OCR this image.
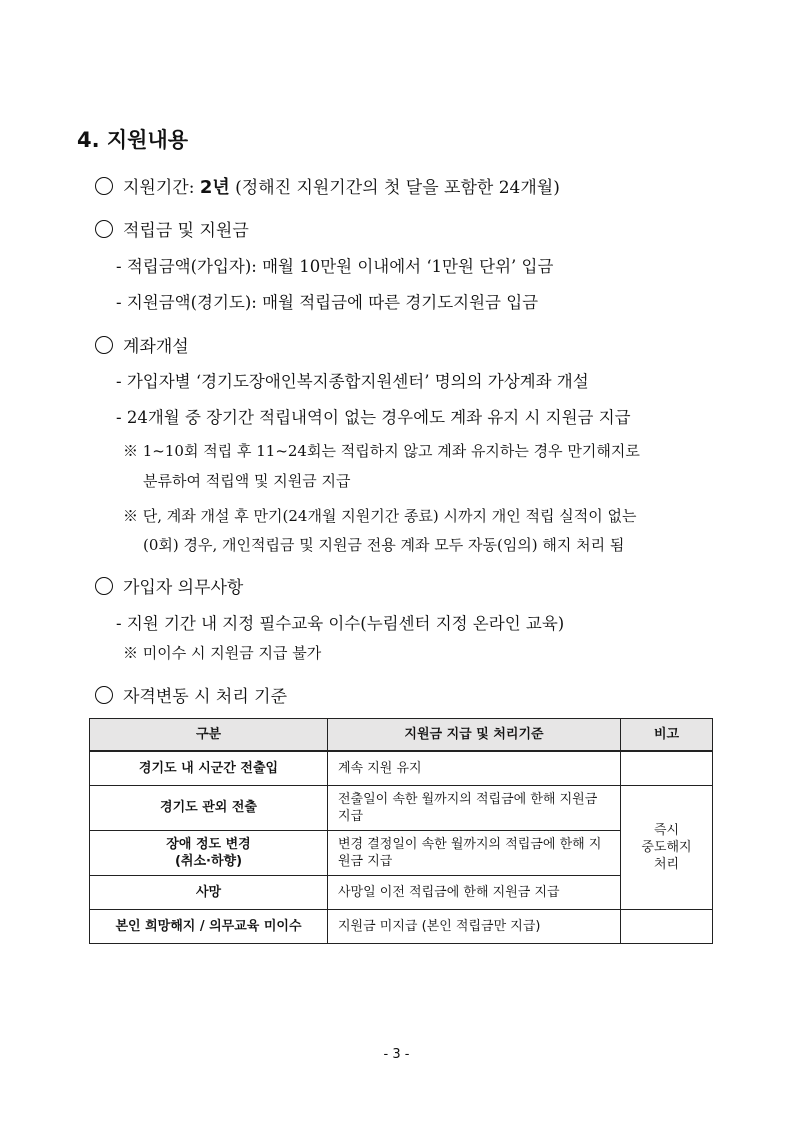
4. 지원내용
지원기간: 2년 (정해진 지원기간의 첫 달을 포함한 24개월)
적립금 및 지원금
- 적립금액(가입자): 매월 10만원 이내에서 ‘1만원 단위’ 입금
- 지원금액(경기도): 매월 적립금에 따른 경기도지원금 입금
계좌개설
- 가입자별 ‘경기도장애인복지종합지원센터’ 명의의 가상계좌 개설
- 24개월 중 장기간 적립내역이 없는 경우에도 계좌 유지 시 지원금 지급
※ 1~10회 적립 후 11~24회는 적립하지 않고 계좌 유지하는 경우 만기해지로
분류하여 적립액 및 지원금 지급
※ 단, 계좌 개설 후 만기(24개월 지원기간 종료) 시까지 개인 적립 실적이 없는
(0회) 경우, 개인적립금 및 지원금 전용 계좌 모두 자동(임의) 해지 처리 됨
가입자 의무사항
- 지원 기간 내 지정 필수교육 이수(누림센터 지정 온라인 교육)
※ 미이수 시 지원금 지급 불가
자격변동 시 처리 기준
구분	지원금 지급 및 처리기준	비고
경기도 내 시군간 전출입	계속 지원 유지	
경기도 관외 전출	전출일이 속한 월까지의 적립금에 한해 지원금 지급	즉시
중도해지
처리

장애 정도 변경
(취소·하향)	변경 결정일이 속한 월까지의 적립금에 한해 지원금 지급	
사망	사망일 이전 적립금에 한해 지원금 지급	
본인 희망해지 / 의무교육 미이수	지원금 미지급 (본인 적립금만 지급)	
- 3 -
